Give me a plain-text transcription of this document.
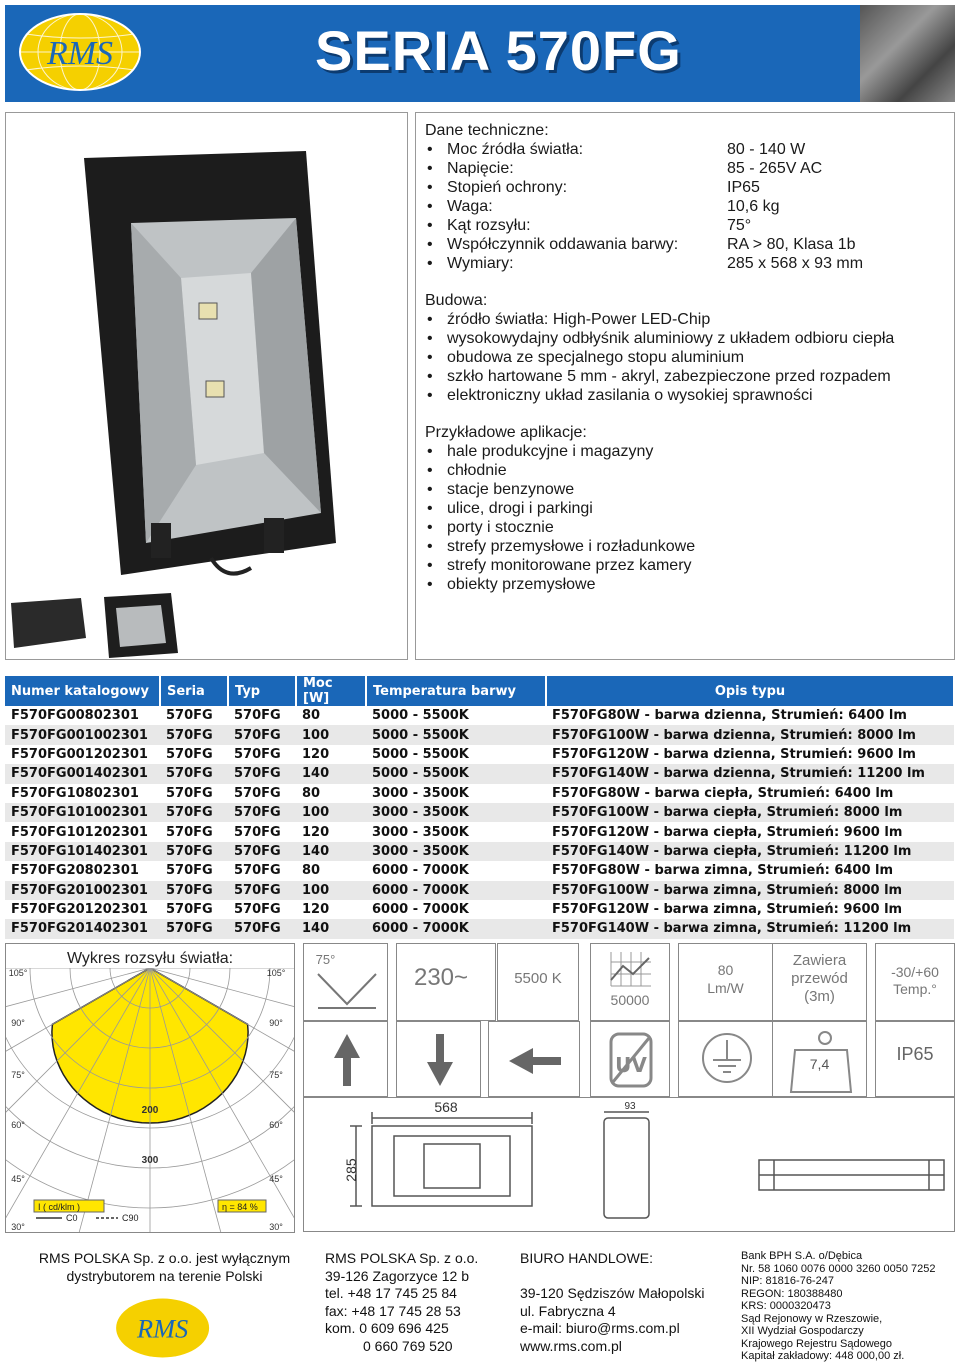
RMS	SERIA 570FG
Dane techniczne:
• Moc źródła światła:	80 - 140 W
• Napięcie:	85 - 265V AC
• Stopień ochrony:	IP65
• Waga:	10,6 kg
• Kąt rozsyłu:	75°
• Współczynnik oddawania barwy:	RA > 80, Klasa 1b
• Wymiary:	285 x 568 x 93 mm
Budowa:
• źródło światła: High-Power LED-Chip
• wysokowydajny odbłyśnik aluminiowy z układem odbioru ciepła
• obudowa ze specjalnego stopu aluminium
• szkło hartowane 5 mm - akryl, zabezpieczone przed rozpadem
• elektroniczny układ zasilania o wysokiej sprawności
Przykładowe aplikacje:
• hale produkcyjne i magazyny
• chłodnie
• stacje benzynowe
• ulice, drogi i parkingi
• porty i stocznie
• strefy przemysłowe i rozładunkowe
• strefy monitorowane przez kamery
• obiekty przemysłowe
Numer katalogowy	Seria	Typ	Moc [W]	Temperatura barwy	Opis typu
F570FG00802301	570FG	570FG	80	5000 - 5500K	F570FG80W - barwa dzienna, Strumień: 6400 lm
F570FG001002301	570FG	570FG	100	5000 - 5500K	F570FG100W - barwa dzienna, Strumień: 8000 lm
F570FG001202301	570FG	570FG	120	5000 - 5500K	F570FG120W - barwa dzienna, Strumień: 9600 lm
F570FG001402301	570FG	570FG	140	5000 - 5500K	F570FG140W - barwa dzienna, Strumień: 11200 lm
F570FG10802301	570FG	570FG	80	3000 - 3500K	F570FG80W - barwa ciepła, Strumień: 6400 lm
F570FG101002301	570FG	570FG	100	3000 - 3500K	F570FG100W - barwa ciepła, Strumień: 8000 lm
F570FG101202301	570FG	570FG	120	3000 - 3500K	F570FG120W - barwa ciepła, Strumień: 9600 lm
F570FG101402301	570FG	570FG	140	3000 - 3500K	F570FG140W - barwa ciepła, Strumień: 11200 lm
F570FG20802301	570FG	570FG	80	6000 - 7000K	F570FG80W - barwa zimna, Strumień: 6400 lm
F570FG201002301	570FG	570FG	100	6000 - 7000K	F570FG100W - barwa zimna, Strumień: 8000 lm
F570FG201202301	570FG	570FG	120	6000 - 7000K	F570FG120W - barwa zimna, Strumień: 9600 lm
F570FG201402301	570FG	570FG	140	6000 - 7000K	F570FG140W - barwa zimna, Strumień: 11200 lm
Wykres rozsyłu światła:
105°	105°
90°	90°
75°	75°
60°	60°
45°	45°
30°	30°
200
300
I ( cd/klm )	η = 84 %
C0	C90
75°
230~	5500 K
50000
80
Lm/W
Zawiera
przewód
(3m)
-30/+60
Temp.°
UV	7,4	IP65
568	93
285
RMS POLSKA Sp. z o.o. jest wyłącznym
dystrybutorem na terenie Polski
RMS
RMS POLSKA Sp. z o.o.
39-126 Zagorzyce 12 b
tel. +48 17 745 25 84
fax: +48 17 745 28 53
kom. 0 609 696 425
0 660 769 520
BIURO HANDLOWE:
39-120 Sędziszów Małopolski
ul. Fabryczna 4
e-mail: biuro@rms.com.pl
www.rms.com.pl
Bank BPH S.A. o/Dębica
Nr. 58 1060 0076 0000 3260 0050 7252
NIP: 81816-76-247
REGON: 180388480
KRS: 0000320473
Sąd Rejonowy w Rzeszowie,
XII Wydział Gospodarczy
Krajowego Rejestru Sądowego
Kapitał zakładowy: 448 000,00 zł.
